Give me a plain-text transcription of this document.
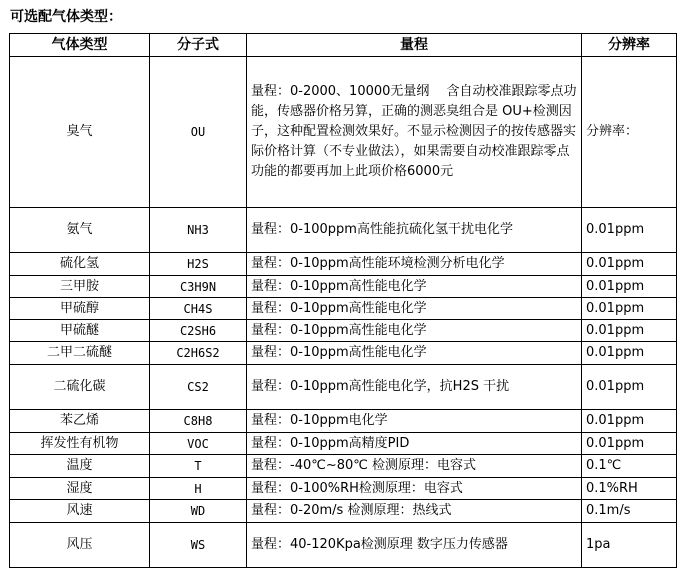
可选配气体类型：
气体类型	分子式	量程	分辨率
臭气	OU	量程：0-2000、10000无量纲　 含自动校准跟踪零点功能，传感器价格另算，正确的测恶臭组合是 OU+检测因子，这种配置检测效果好。不显示检测因子的按传感器实际价格计算（不专业做法），如果需要自动校准跟踪零点功能的都要再加上此项价格6000元	分辨率：
氨气	NH3	量程：0-100ppm高性能抗硫化氢干扰电化学	0.01ppm
硫化氢	H2S	量程：0-10ppm高性能环境检测分析电化学	0.01ppm
三甲胺	C3H9N	量程：0-10ppm高性能电化学	0.01ppm
甲硫醇	CH4S	量程：0-10ppm高性能电化学	0.01ppm
甲硫醚	C2SH6	量程：0-10ppm高性能电化学	0.01ppm
二甲二硫醚	C2H6S2	量程：0-10ppm高性能电化学	0.01ppm
二硫化碳	CS2	量程：0-10ppm高性能电化学，抗H2S 干扰	0.01ppm
苯乙烯	C8H8	量程：0-10ppm电化学	0.01ppm
挥发性有机物	VOC	量程：0-10ppm高精度PID	0.01ppm
温度	T	量程：-40℃~80℃ 检测原理：电容式	0.1℃
湿度	H	量程：0-100%RH检测原理：电容式	0.1%RH
风速	WD	量程：0-20m/s 检测原理：热线式	0.1m/s
风压	WS	量程：40-120Kpa检测原理 数字压力传感器	1pa
